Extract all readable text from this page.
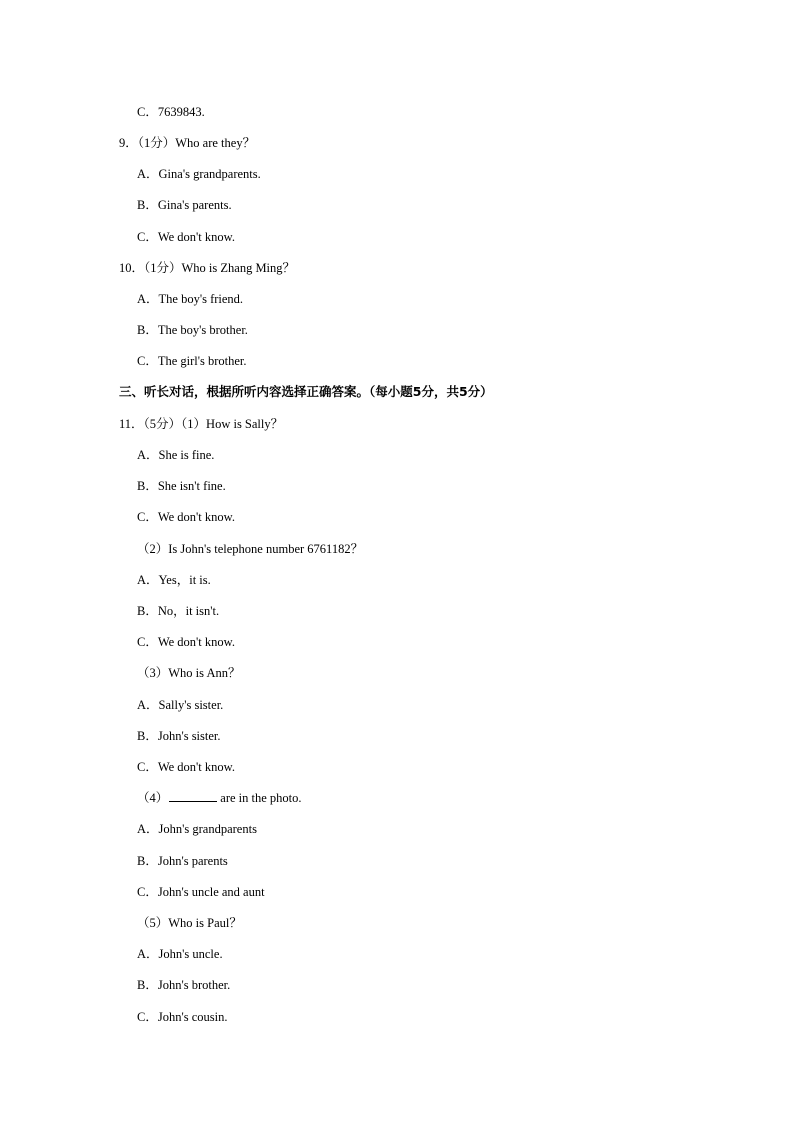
C．7639843.
9．（1分）Who are they？
A．Gina's grandparents.
B．Gina's parents.
C．We don't know.
10．（1分）Who is Zhang Ming？
A．The boy's friend.
B．The boy's brother.
C．The girl's brother.
三、听长对话，根据所听内容选择正确答案。（每小题5分，共5分）
11．（5分）（1）How is Sally？
A．She is fine.
B．She isn't fine.
C．We don't know.
（2）Is John's telephone number 6761182？
A．Yes，it is.
B．No，it isn't.
C．We don't know.
（3）Who is Ann？
A．Sally's sister.
B．John's sister.
C．We don't know.
（4）	are in the photo.
A．John's grandparents
B．John's parents
C．John's uncle and aunt
（5）Who is Paul？
A．John's uncle.
B．John's brother.
C．John's cousin.
